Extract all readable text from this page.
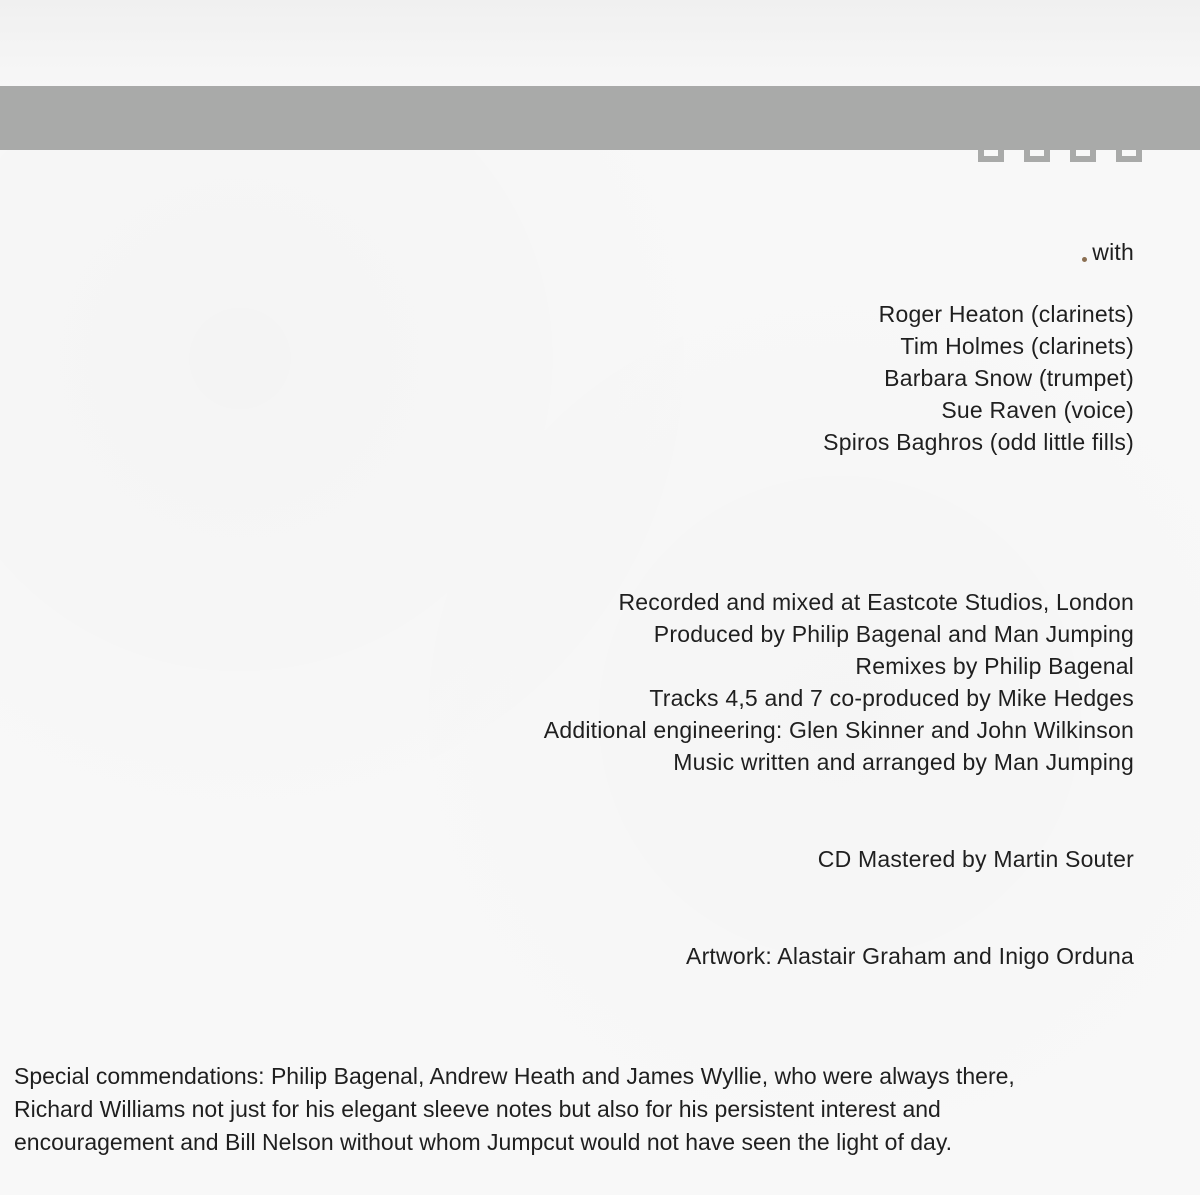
with
Roger Heaton (clarinets)
Tim Holmes (clarinets)
Barbara Snow (trumpet)
Sue Raven (voice)
Spiros Baghros (odd little fills)
Recorded and mixed at Eastcote Studios, London
Produced by Philip Bagenal and Man Jumping
Remixes by Philip Bagenal
Tracks 4,5 and 7 co-produced by Mike Hedges
Additional engineering: Glen Skinner and John Wilkinson
Music written and arranged by Man Jumping
CD Mastered by Martin Souter
Artwork: Alastair Graham and Inigo Orduna
Special commendations: Philip Bagenal, Andrew Heath and James Wyllie, who were always there,
Richard Williams not just for his elegant sleeve notes but also for his persistent interest and
encouragement and Bill Nelson without whom Jumpcut would not have seen the light of day.
